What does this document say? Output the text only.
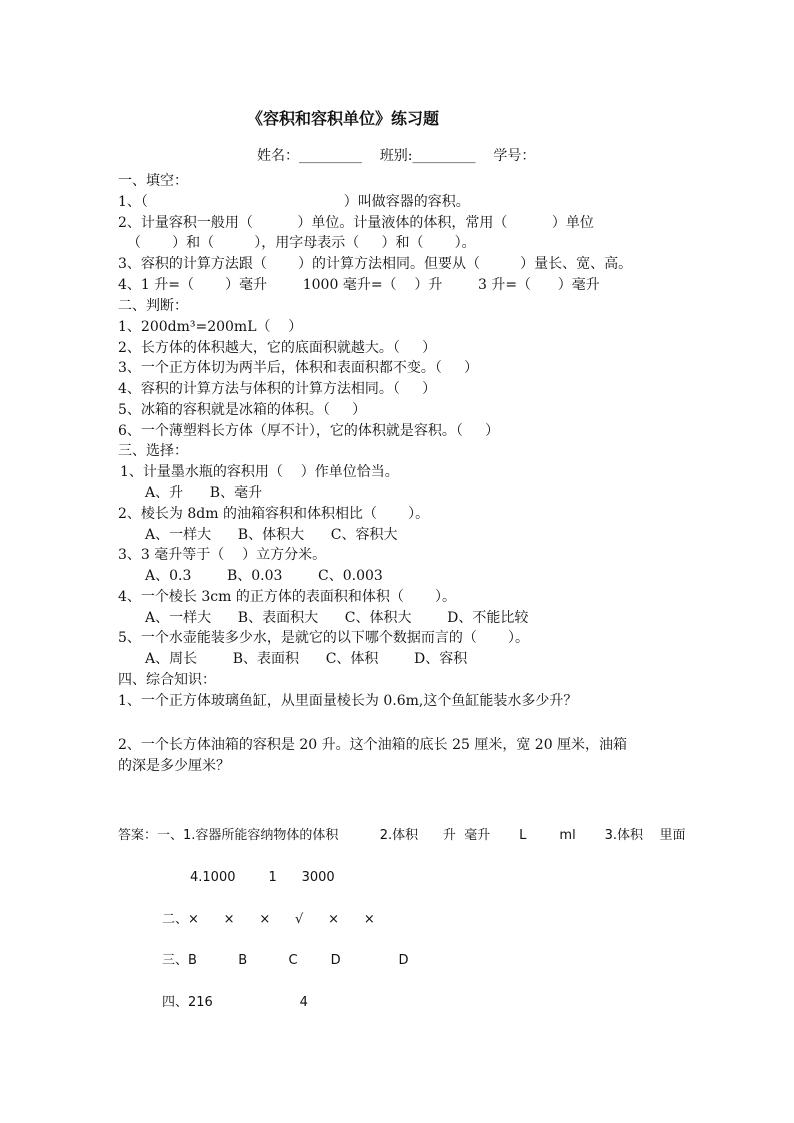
《容积和容积单位》练习题
姓名：_________    班别:_________    学号：
一、填空：
1、（                                            ）叫做容器的容积。
2、计量容积一般用（          ）单位。计量液体的体积，常用（          ）单位
（       ）和（         ），用字母表示（     ）和（       ）。
3、容积的计算方法跟（       ）的计算方法相同。但要从（         ）量长、宽、高。
4、1 升=（       ）毫升        1000 毫升=（    ）升        3 升=（      ）毫升
二、判断：
1、200dm³=200mL（    ）
2、长方体的体积越大，它的底面积就越大。（     ）
3、一个正方体切为两半后，体积和表面积都不变。（     ）
4、容积的计算方法与体积的计算方法相同。（     ）
5、冰箱的容积就是冰箱的体积。（     ）
6、一个薄塑料长方体（厚不计），它的体积就是容积。（     ）
三、选择：
1、计量墨水瓶的容积用（    ）作单位恰当。
A、升      B、毫升
2、棱长为 8dm 的油箱容积和体积相比（       ）。
A、一样大      B、体积大      C、容积大
3、3 毫升等于（    ）立方分米。
A、0.3        B、0.03        C、0.003
4、一个棱长 3cm 的正方体的表面积和体积（       ）。
A、一样大      B、表面积大      C、体积大        D、不能比较
5、一个水壶能装多少水，是就它的以下哪个数据而言的（       ）。
A、周长        B、表面积      C、体积        D、容积
四、综合知识：
1、一个正方体玻璃鱼缸，从里面量棱长为 0.6m,这个鱼缸能装水多少升？
2、一个长方体油箱的容积是 20 升。这个油箱的底长 25 厘米，宽 20 厘米，油箱
的深是多少厘米？
答案：一、1.容器所能容纳物体的体积          2.体积      升  毫升       L        ml       3.体积    里面
4.1000        1      3000
二、×      ×      ×      √      ×      ×
三、B          B          C        D              D
四、216                     4
